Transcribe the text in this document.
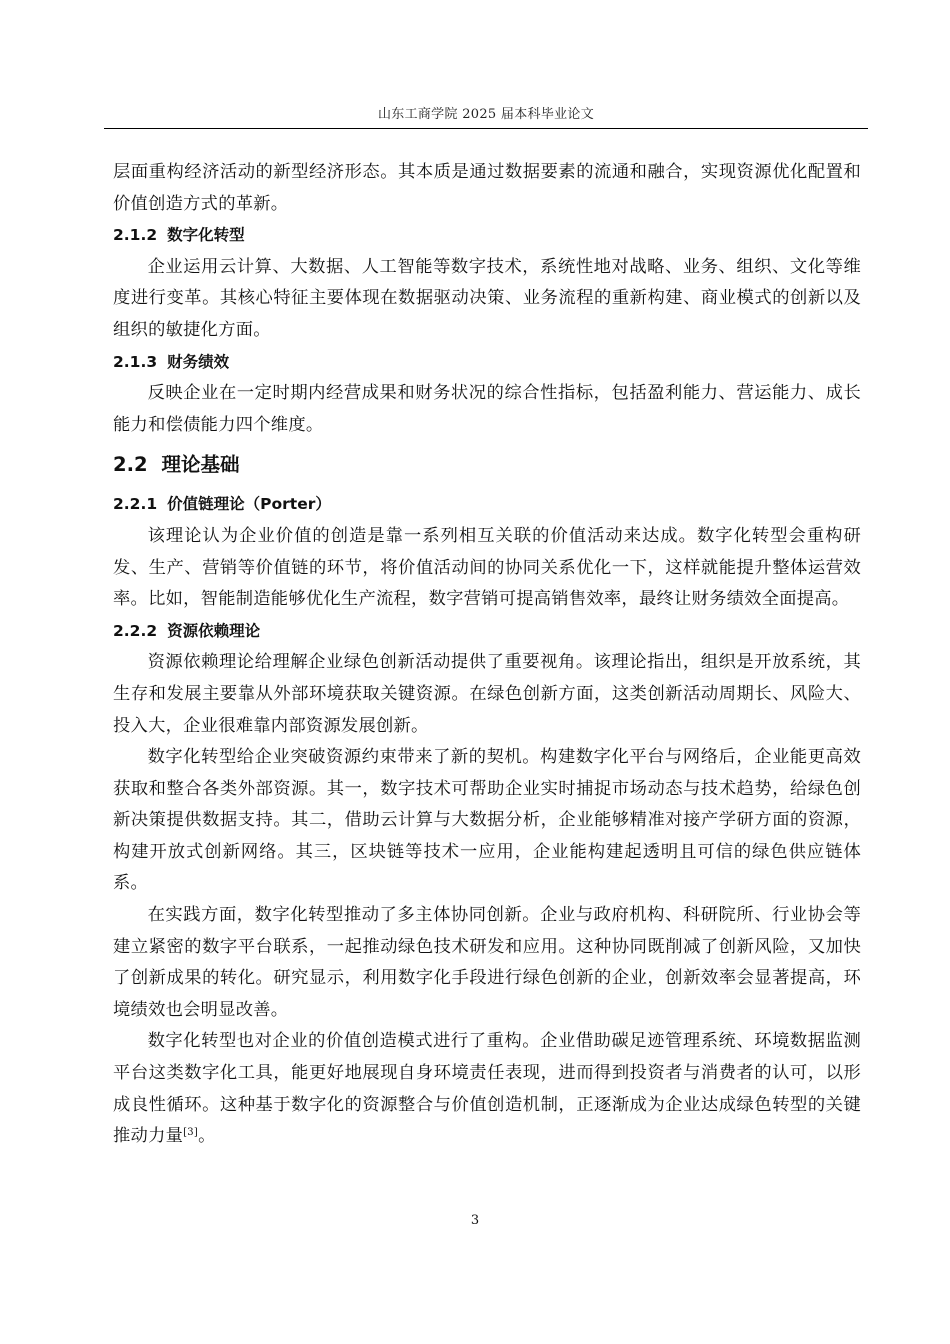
山东工商学院 2025 届本科毕业论文

层面重构经济活动的新型经济形态。其本质是通过数据要素的流通和融合，实现资源优化配置和价值创造方式的革新。

2.1.2 数字化转型

企业运用云计算、大数据、人工智能等数字技术，系统性地对战略、业务、组织、文化等维度进行变革。其核心特征主要体现在数据驱动决策、业务流程的重新构建、商业模式的创新以及组织的敏捷化方面。

2.1.3 财务绩效

反映企业在一定时期内经营成果和财务状况的综合性指标，包括盈利能力、营运能力、成长能力和偿债能力四个维度。

2.2 理论基础
2.2.1 价值链理论（Porter）

该理论认为企业价值的创造是靠一系列相互关联的价值活动来达成。数字化转型会重构研发、生产、营销等价值链的环节，将价值活动间的协同关系优化一下，这样就能提升整体运营效率。比如，智能制造能够优化生产流程，数字营销可提高销售效率，最终让财务绩效全面提高。

2.2.2 资源依赖理论

资源依赖理论给理解企业绿色创新活动提供了重要视角。该理论指出，组织是开放系统，其生存和发展主要靠从外部环境获取关键资源。在绿色创新方面，这类创新活动周期长、风险大、投入大，企业很难靠内部资源发展创新。

数字化转型给企业突破资源约束带来了新的契机。构建数字化平台与网络后，企业能更高效获取和整合各类外部资源。其一，数字技术可帮助企业实时捕捉市场动态与技术趋势，给绿色创新决策提供数据支持。其二，借助云计算与大数据分析，企业能够精准对接产学研方面的资源，构建开放式创新网络。其三，区块链等技术一应用，企业能构建起透明且可信的绿色供应链体系。

在实践方面，数字化转型推动了多主体协同创新。企业与政府机构、科研院所、行业协会等建立紧密的数字平台联系，一起推动绿色技术研发和应用。这种协同既削减了创新风险，又加快了创新成果的转化。研究显示，利用数字化手段进行绿色创新的企业，创新效率会显著提高，环境绩效也会明显改善。

数字化转型也对企业的价值创造模式进行了重构。企业借助碳足迹管理系统、环境数据监测平台这类数字化工具，能更好地展现自身环境责任表现，进而得到投资者与消费者的认可，以形成良性循环。这种基于数字化的资源整合与价值创造机制，正逐渐成为企业达成绿色转型的关键推动力量[3]。

3
